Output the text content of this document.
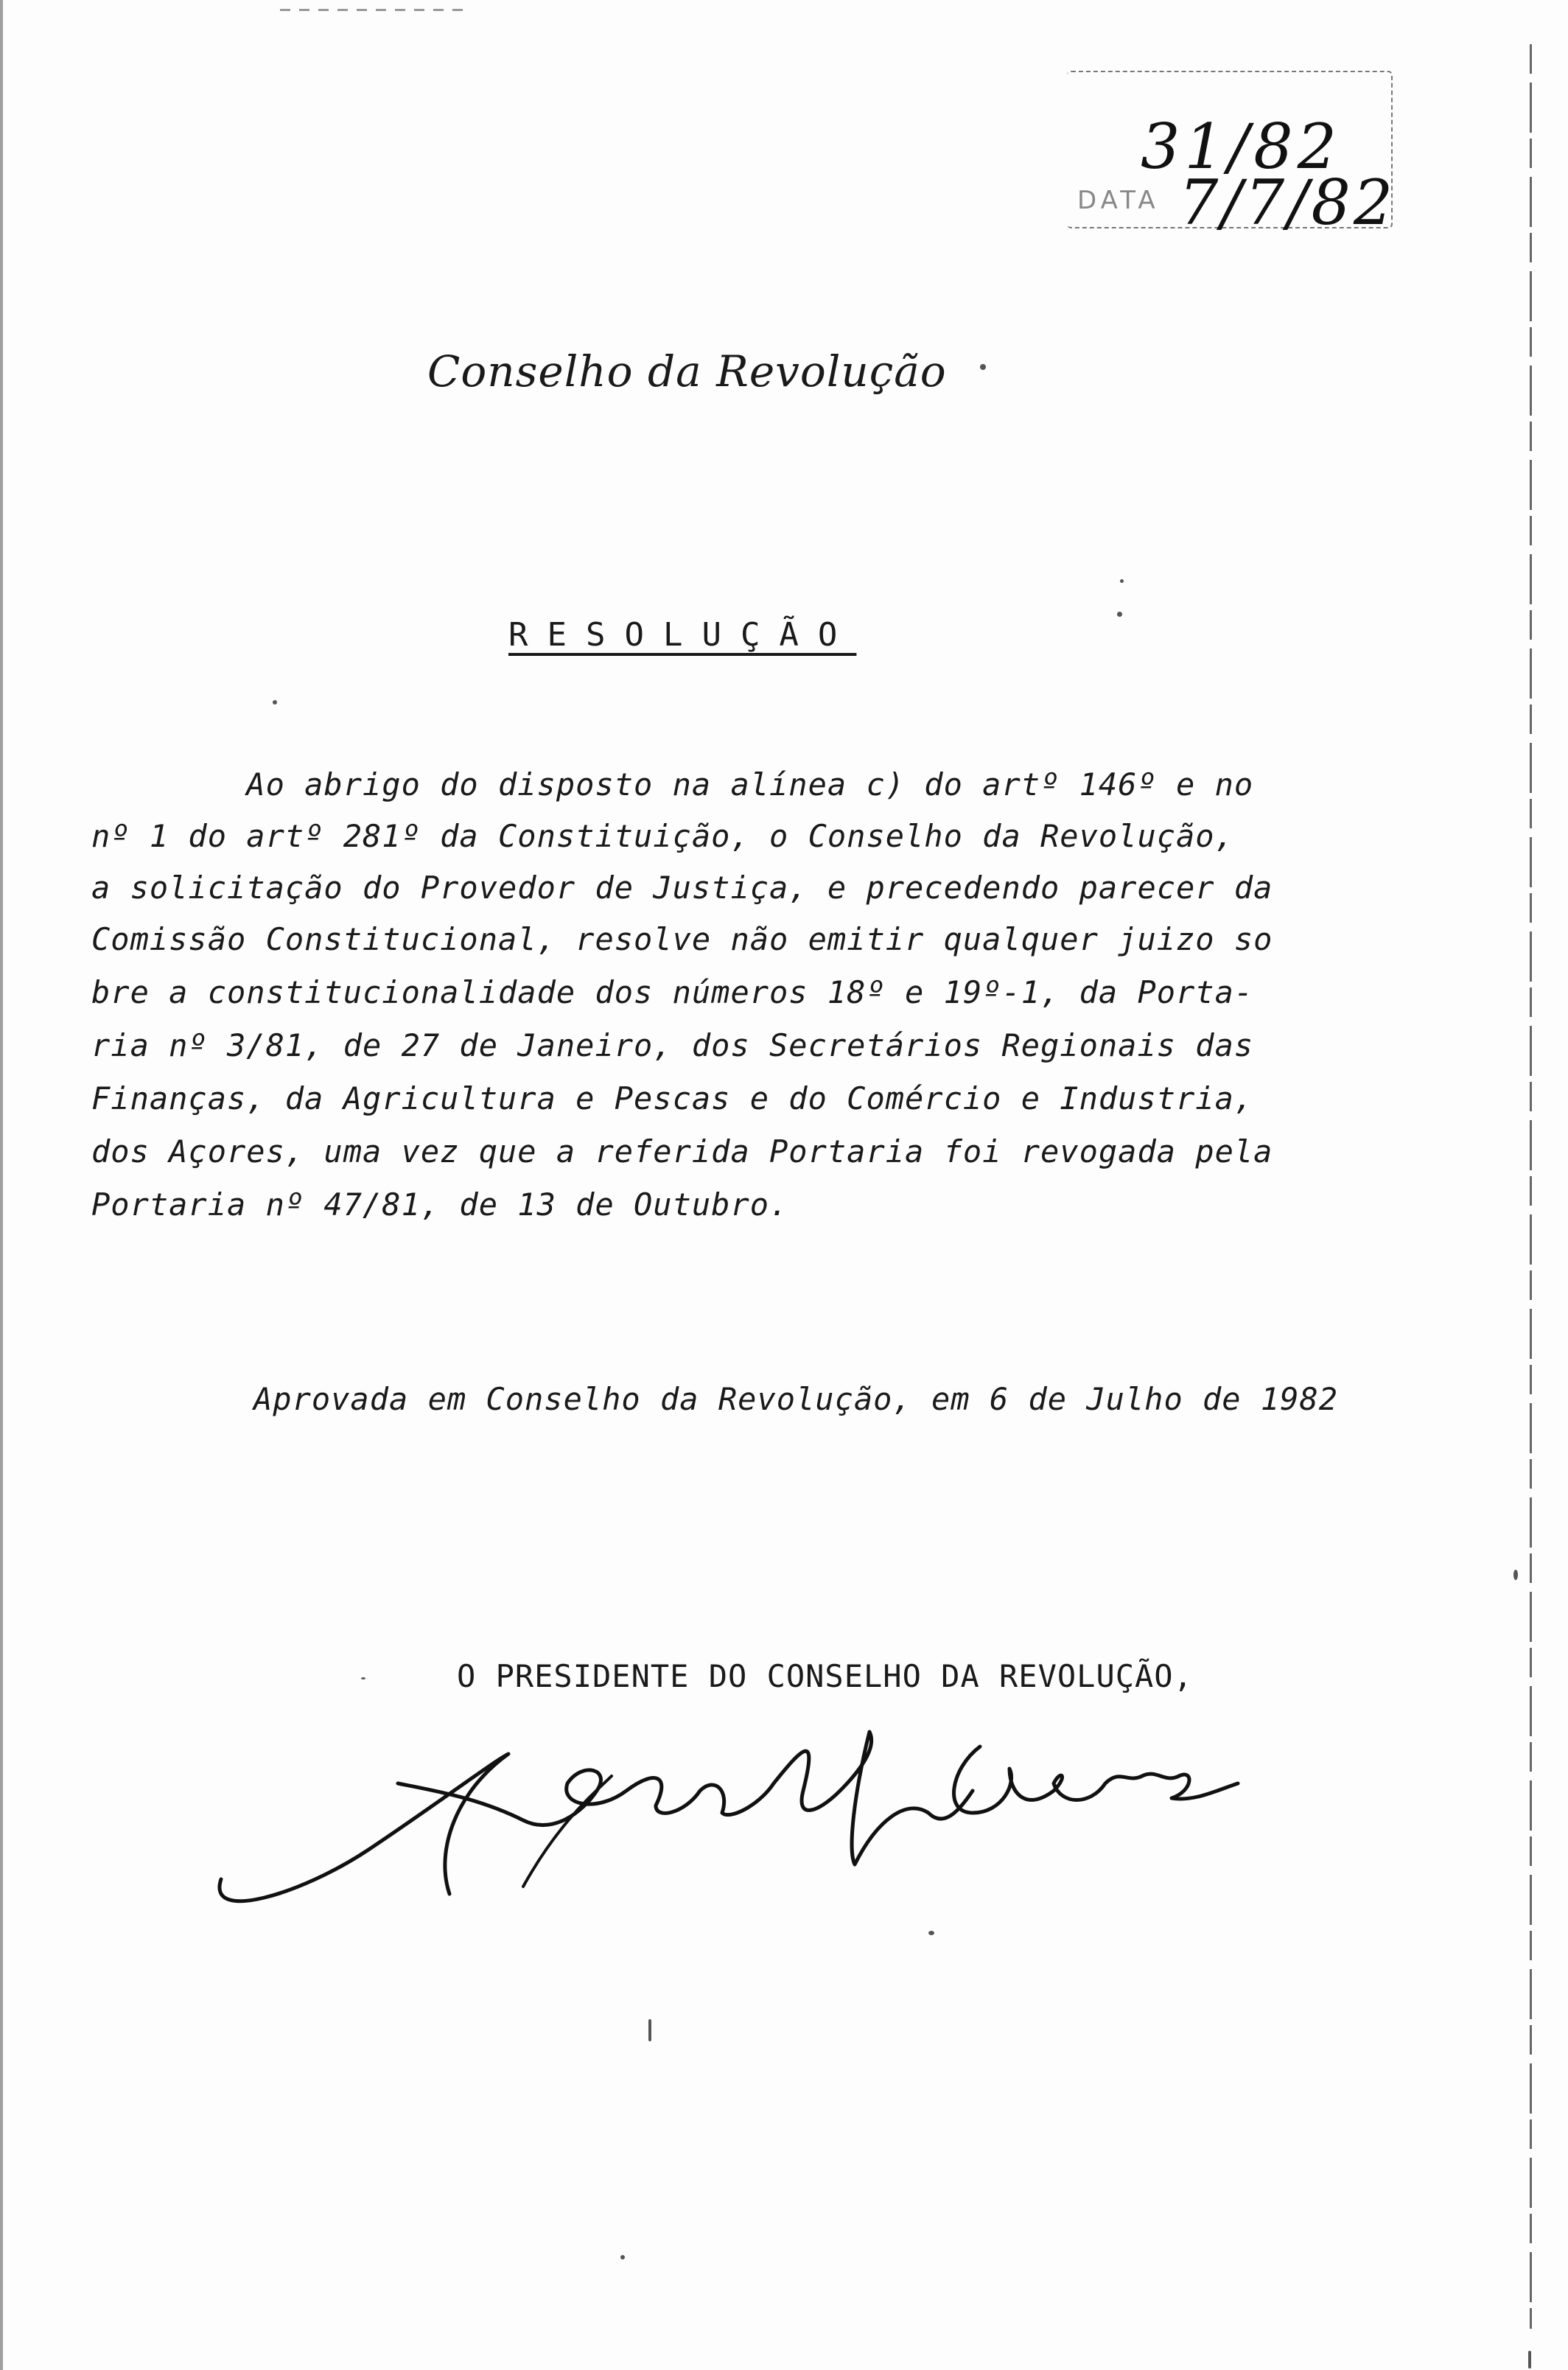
31/82
DATA 7/7/82
Conselho da Revolução
RESOLUÇÃO
Ao abrigo do disposto na alínea c) do artº 146º e no
nº 1 do artº 281º da Constituição, o Conselho da Revolução,
a solicitação do Provedor de Justiça, e precedendo parecer da
Comissão Constitucional, resolve não emitir qualquer juizo so
bre a constitucionalidade dos números 18º e 19º-1, da Porta-
ria nº 3/81, de 27 de Janeiro, dos Secretários Regionais das
Finanças, da Agricultura e Pescas e do Comércio e Industria,
dos Açores, uma vez que a referida Portaria foi revogada pela
Portaria nº 47/81, de 13 de Outubro.
Aprovada em Conselho da Revolução, em 6 de Julho de 1982
O PRESIDENTE DO CONSELHO DA REVOLUÇÃO,
